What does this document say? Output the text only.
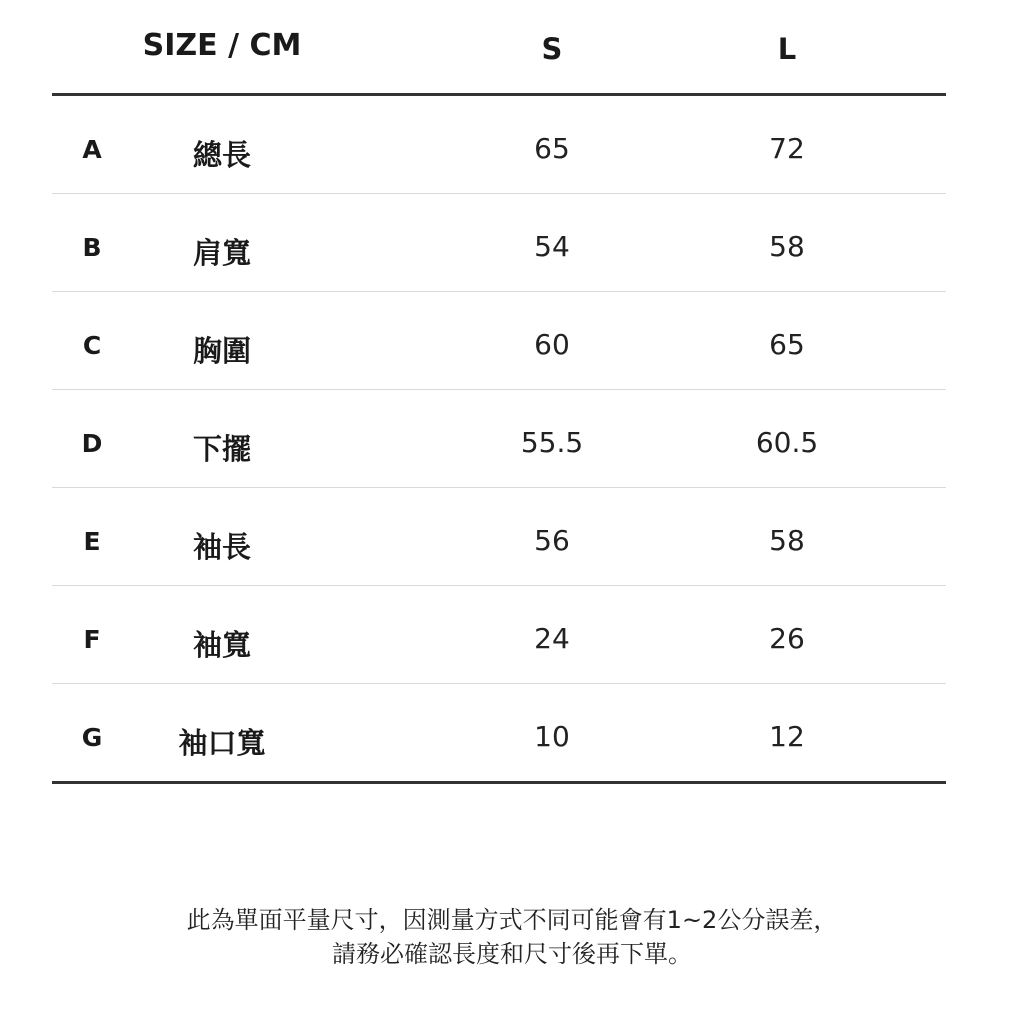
SIZE / CM	S	L
A	總長	65	72
B	肩寬	54	58
C	胸圍	60	65
D	下擺	55.5	60.5
E	袖長	56	58
F	袖寬	24	26
G	袖口寬	10	12
此為單面平量尺寸，因測量方式不同可能會有1~2公分誤差，
請務必確認長度和尺寸後再下單。
